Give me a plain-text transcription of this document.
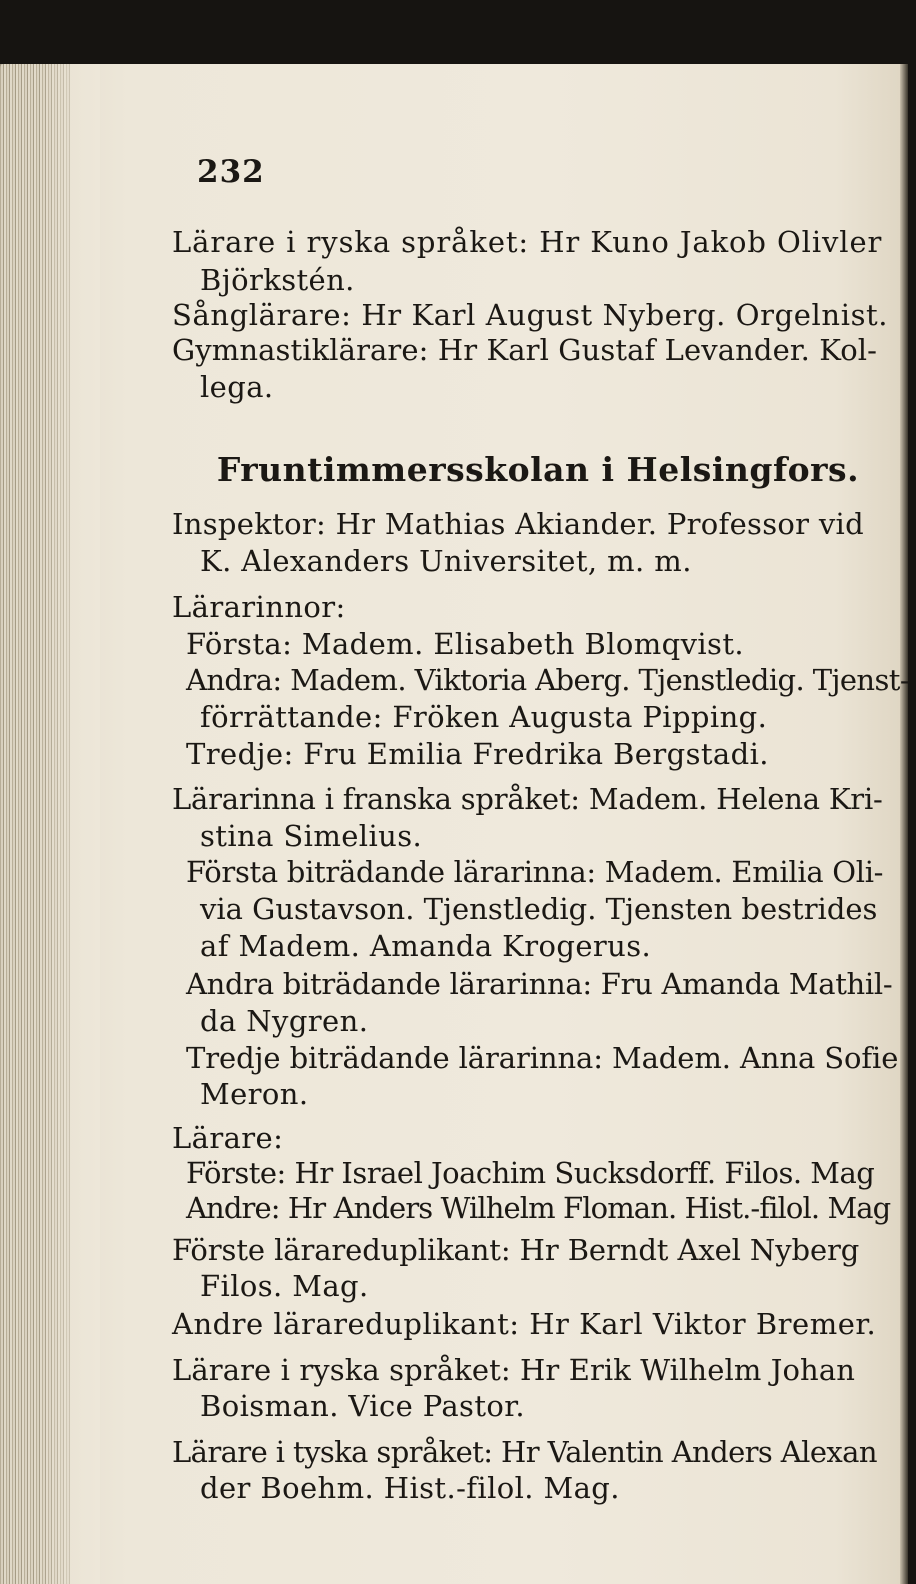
232
Lärare i ryska språket: Hr Kuno Jakob Olivler
Björkstén.
Sånglärare: Hr Karl August Nyberg. Orgelnist.
Gymnastiklärare: Hr Karl Gustaf Levander. Kol-
lega.
Fruntimmersskolan i Helsingfors.
Inspektor: Hr Mathias Akiander. Professor vid
K. Alexanders Universitet, m. m.
Lärarinnor:
Första: Madem. Elisabeth Blomqvist.
Andra: Madem. Viktoria Aberg. Tjenstledig. Tjenst-
förrättande: Fröken Augusta Pipping.
Tredje: Fru Emilia Fredrika Bergstadi.
Lärarinna i franska språket: Madem. Helena Kri-
stina Simelius.
Första biträdande lärarinna: Madem. Emilia Oli-
via Gustavson. Tjenstledig. Tjensten bestrides
af Madem. Amanda Krogerus.
Andra biträdande lärarinna: Fru Amanda Mathil-
da Nygren.
Tredje biträdande lärarinna: Madem. Anna Sofie
Meron.
Lärare:
Förste: Hr Israel Joachim Sucksdorff. Filos. Mag
Andre: Hr Anders Wilhelm Floman. Hist.-filol. Mag
Förste lärareduplikant: Hr Berndt Axel Nyberg
Filos. Mag.
Andre lärareduplikant: Hr Karl Viktor Bremer.
Lärare i ryska språket: Hr Erik Wilhelm Johan
Boisman. Vice Pastor.
Lärare i tyska språket: Hr Valentin Anders Alexan
der Boehm. Hist.-filol. Mag.
